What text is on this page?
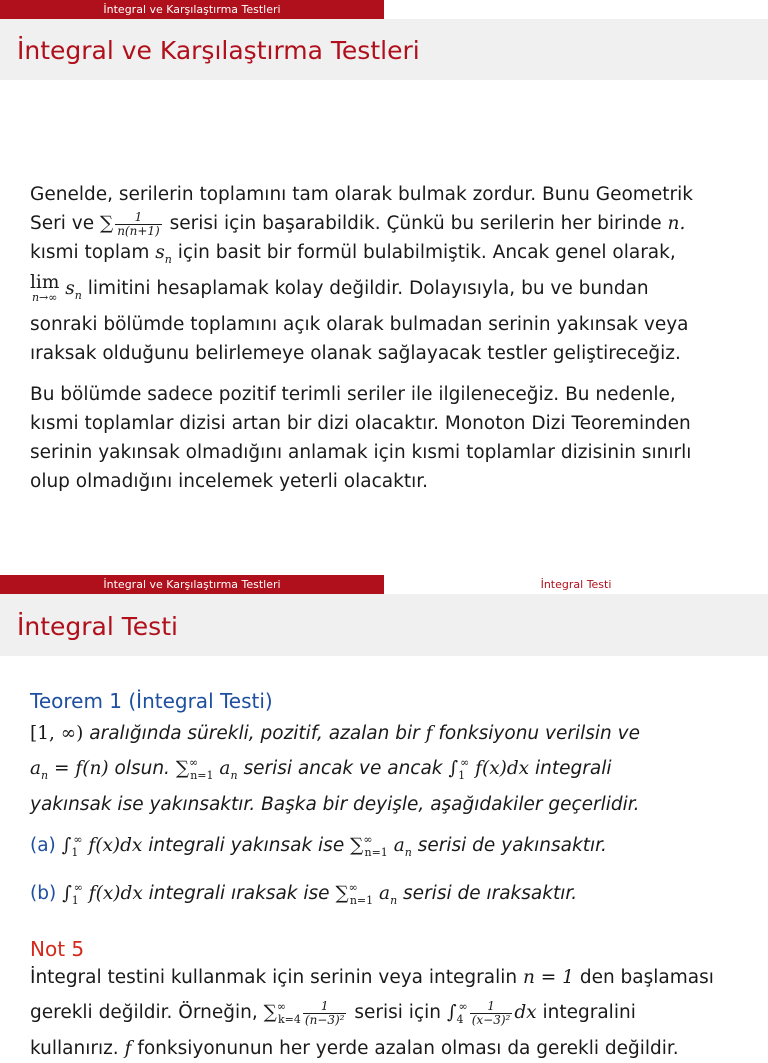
İntegral ve Karşılaştırma Testleri
İntegral ve Karşılaştırma Testleri

Genelde, serilerin toplamını tam olarak bulmak zordur. Bunu Geometrik
Seri ve ∑ $\frac{1}{n(n+1)}$ serisi için başarabildik. Çünkü bu serilerin her birinde n.
kısmi toplam $s_n$ için basit bir formül bulabilmiştik. Ancak genel olarak,
lim
n→∞ $s_n$ limitini hesaplamak kolay değildir. Dolayısıyla, bu ve bundan
sonraki bölümde toplamını açık olarak bulmadan serinin yakınsak veya
ıraksak olduğunu belirlemeye olanak sağlayacak testler geliştireceğiz.

Bu bölümde sadece pozitif terimli seriler ile ilgileneceğiz. Bu nedenle,
kısmi toplamlar dizisi artan bir dizi olacaktır. Monoton Dizi Teoreminden
serinin yakınsak olmadığını anlamak için kısmi toplamlar dizisinin sınırlı
olup olmadığını incelemek yeterli olacaktır.

İntegral ve Karşılaştırma Testleri	İntegral Testi
İntegral Testi
Teorem 1 (İntegral Testi)
[1, ∞) aralığında sürekli, pozitif, azalan bir f fonksiyonu verilsin ve
$a_n = f(n)$ olsun. $\sum^\infty_{n=1}$ $a_n$ serisi ancak ve ancak $\int_1^\infty$ f(x)dx integrali
yakınsak ise yakınsaktır. Başka bir deyişle, aşağıdakiler geçerlidir.
(a) $\int_1^\infty$ f(x)dx integrali yakınsak ise $\sum^\infty_{n=1}$ $a_n$ serisi de yakınsaktır.
(b) $\int_1^\infty$ f(x)dx integrali ıraksak ise $\sum^\infty_{n=1}$ $a_n$ serisi de ıraksaktır.
Not 5
İntegral testini kullanmak için serinin veya integralin n = 1 den başlaması
gerekli değildir. Örneğin, $\sum^\infty_{k=4} \frac{1}{\text{(n−3)²}}$ serisi için $\int_4^\infty \frac{1}{\text{(x−3)²}}$ dx integralini
kullanırız. f fonksiyonunun her yerde azalan olması da gerekli değildir.
